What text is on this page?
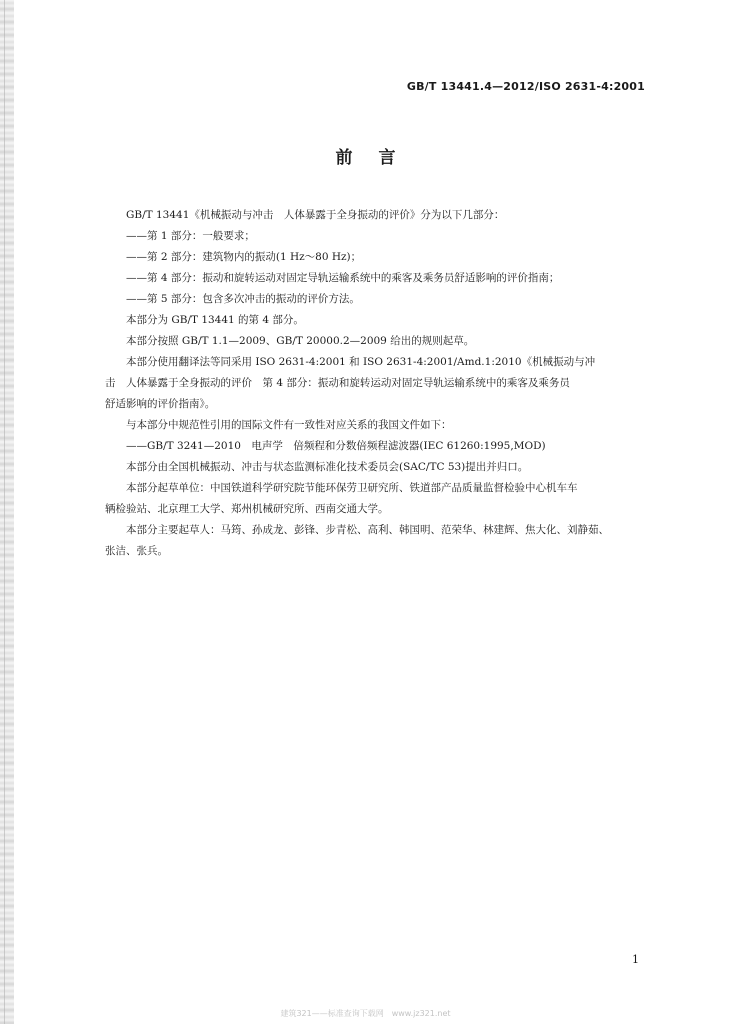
GB/T 13441.4—2012/ISO 2631-4:2001
前言

GB/T 13441《机械振动与冲击　人体暴露于全身振动的评价》分为以下几部分：

——第 1 部分：一般要求；

——第 2 部分：建筑物内的振动(1 Hz～80 Hz)；

——第 4 部分：振动和旋转运动对固定导轨运输系统中的乘客及乘务员舒适影响的评价指南；

——第 5 部分：包含多次冲击的振动的评价方法。

本部分为 GB/T 13441 的第 4 部分。

本部分按照 GB/T 1.1—2009、GB/T 20000.2—2009 给出的规则起草。

本部分使用翻译法等同采用 ISO 2631-4:2001 和 ISO 2631-4:2001/Amd.1:2010《机械振动与冲

击　人体暴露于全身振动的评价　第 4 部分：振动和旋转运动对固定导轨运输系统中的乘客及乘务员

舒适影响的评价指南》。

与本部分中规范性引用的国际文件有一致性对应关系的我国文件如下：

——GB/T 3241—2010　电声学　倍频程和分数倍频程滤波器(IEC 61260:1995,MOD)

本部分由全国机械振动、冲击与状态监测标准化技术委员会(SAC/TC 53)提出并归口。

本部分起草单位：中国铁道科学研究院节能环保劳卫研究所、铁道部产品质量监督检验中心机车车

辆检验站、北京理工大学、郑州机械研究所、西南交通大学。

本部分主要起草人：马筠、孙成龙、彭锋、步青松、高利、韩国明、范荣华、林建辉、焦大化、刘静茹、

张洁、张兵。

1
建筑321——标准查询下载网　www.jz321.net
